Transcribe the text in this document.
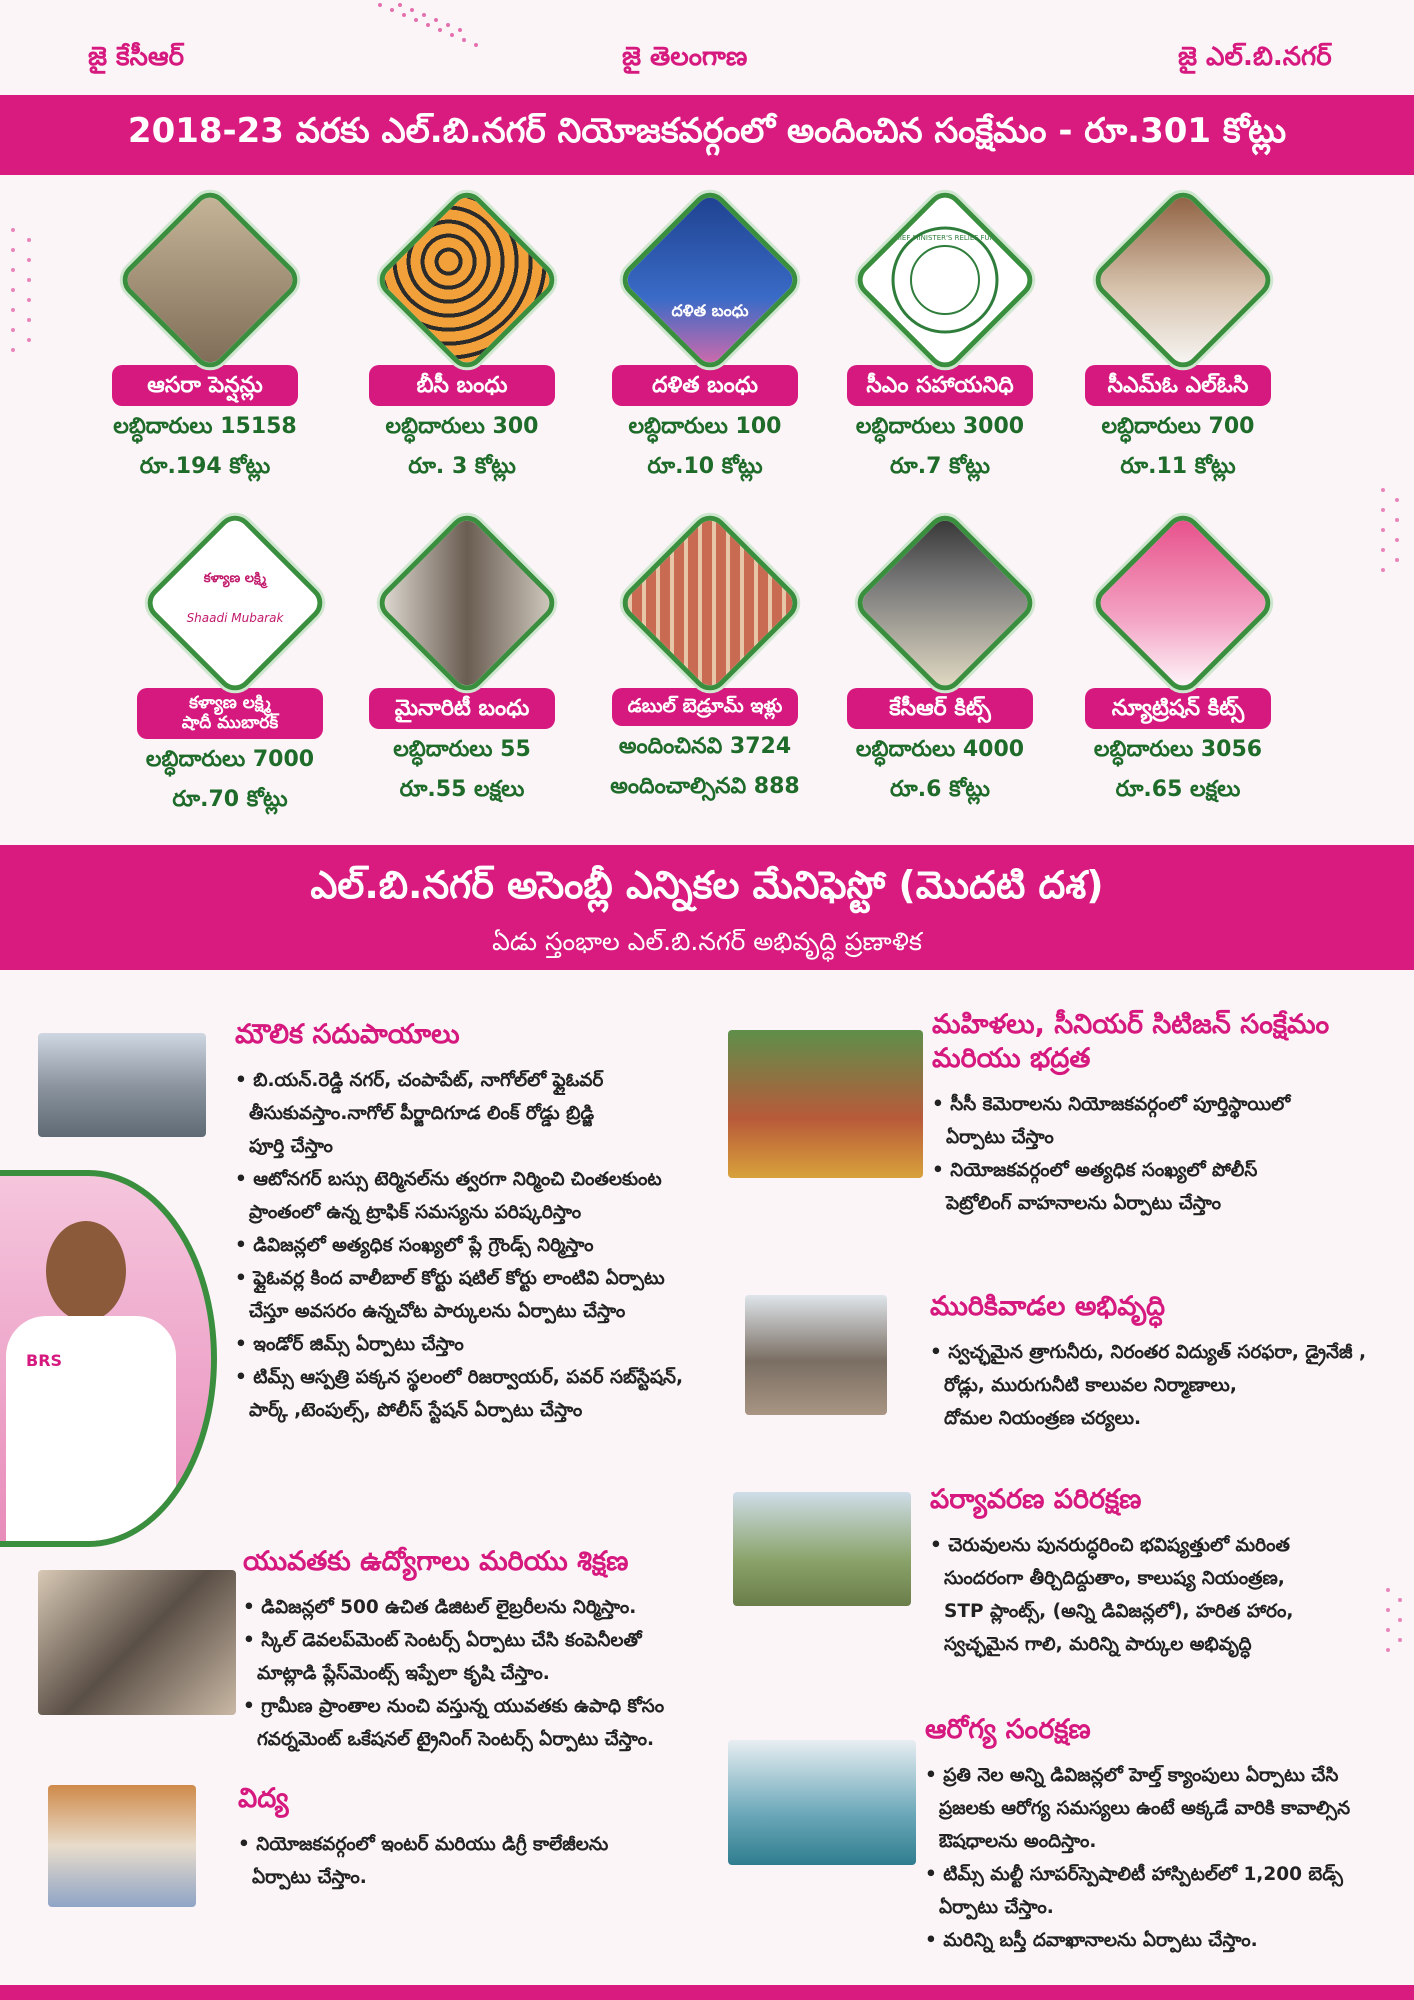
జై కేసీఆర్	జై తెలంగాణ	జై ఎల్.బి.నగర్
2018-23 వరకు ఎల్.బి.నగర్ నియోజకవర్గంలో అందించిన సంక్షేమం - రూ.301 కోట్లు
ఆసరా పెన్షన్లు
లబ్ధిదారులు 15158
రూ.194 కోట్లు
బీసీ బంధు
లబ్ధిదారులు 300
రూ. 3 కోట్లు
దళిత బంధు
దళిత బంధు
లబ్ధిదారులు 100
రూ.10 కోట్లు
CHIEF MINISTER'S RELIEF FUND
సీఎం సహాయనిధి
లబ్ధిదారులు 3000
రూ.7 కోట్లు
సీఎమ్ఓ ఎల్ఓసి
లబ్ధిదారులు 700
రూ.11 కోట్లు
కళ్యాణ లక్ష్మి
Shaadi Mubarak
కళ్యాణ లక్ష్మి
షాదీ ముబారక్
లబ్ధిదారులు 7000
రూ.70 కోట్లు
మైనారిటీ బంధు
లబ్ధిదారులు 55
రూ.55 లక్షలు
డబుల్ బెడ్రూమ్ ఇళ్లు
అందించినవి 3724
అందించాల్సినవి 888
కేసీఆర్ కిట్స్
లబ్ధిదారులు 4000
రూ.6 కోట్లు
న్యూట్రిషన్ కిట్స్
లబ్ధిదారులు 3056
రూ.65 లక్షలు
ఎల్.బి.నగర్ అసెంబ్లీ ఎన్నికల మేనిఫెస్టో (మొదటి దశ)
ఏడు స్తంభాల ఎల్.బి.నగర్ అభివృద్ధి ప్రణాళిక
BRS
మౌలిక సదుపాయాలు
• బి.యన్.రెడ్డి నగర్, చంపాపేట్, నాగోల్‌లో ఫ్లైఓవర్
తీసుకువస్తాం.నాగోల్ పీర్జాదిగూడ లింక్ రోడ్డు బ్రిడ్జి
పూర్తి చేస్తాం
• ఆటోనగర్ బస్సు టెర్మినల్‌ను త్వరగా నిర్మించి చింతలకుంట
ప్రాంతంలో ఉన్న ట్రాఫిక్ సమస్యను పరిష్కరిస్తాం
• డివిజన్లలో అత్యధిక సంఖ్యలో ప్లే గ్రౌండ్స్ నిర్మిస్తాం
• ఫ్లైఓవర్ల కింద వాలీబాల్ కోర్టు షటిల్ కోర్టు లాంటివి ఏర్పాటు
చేస్తూ అవసరం ఉన్నచోట పార్కులను ఏర్పాటు చేస్తాం
• ఇండోర్ జిమ్స్ ఏర్పాటు చేస్తాం
• టిమ్స్ ఆస్పత్రి పక్కన స్థలంలో రిజర్వాయర్, పవర్ సబ్‌స్టేషన్,
పార్క్ ,టెంపుల్స్, పోలీస్ స్టేషన్ ఏర్పాటు చేస్తాం
యువతకు ఉద్యోగాలు మరియు శిక్షణ
• డివిజన్లలో 500 ఉచిత డిజిటల్ లైబ్రరీలను నిర్మిస్తాం.
• స్కిల్ డెవలప్‌మెంట్ సెంటర్స్ ఏర్పాటు చేసి కంపెనీలతో
మాట్లాడి ప్లేస్‌మెంట్స్ ఇప్పేలా కృషి చేస్తాం.
• గ్రామీణ ప్రాంతాల నుంచి వస్తున్న యువతకు ఉపాధి కోసం
గవర్నమెంట్ ఒకేషనల్ ట్రైనింగ్ సెంటర్స్ ఏర్పాటు చేస్తాం.
విద్య
• నియోజకవర్గంలో ఇంటర్ మరియు డిగ్రీ కాలేజీలను
ఏర్పాటు చేస్తాం.
మహిళలు, సీనియర్ సిటిజన్ సంక్షేమం
మరియు భద్రత
• సీసీ కెమెరాలను నియోజకవర్గంలో పూర్తిస్థాయిలో
ఏర్పాటు చేస్తాం
• నియోజకవర్గంలో అత్యధిక సంఖ్యలో పోలీస్
పెట్రోలింగ్ వాహనాలను ఏర్పాటు చేస్తాం
మురికివాడల అభివృద్ధి
• స్వచ్ఛమైన త్రాగునీరు, నిరంతర విద్యుత్ సరఫరా, డ్రైనేజీ ,
రోడ్లు, మురుగునీటి కాలువల నిర్మాణాలు,
దోమల నియంత్రణ చర్యలు.
పర్యావరణ పరిరక్షణ
• చెరువులను పునరుద్ధరించి భవిష్యత్తులో మరింత
సుందరంగా తీర్చిదిద్దుతాం, కాలుష్య నియంత్రణ,
STP ప్లాంట్స్, (అన్ని డివిజన్లలో), హరిత హారం,
స్వచ్ఛమైన గాలి, మరిన్ని పార్కుల అభివృద్ధి
ఆరోగ్య సంరక్షణ
• ప్రతి నెల అన్ని డివిజన్లలో హెల్త్ క్యాంపులు ఏర్పాటు చేసి
ప్రజలకు ఆరోగ్య సమస్యలు ఉంటే అక్కడే వారికి కావాల్సిన
ఔషధాలను అందిస్తాం.
• టిమ్స్ మల్టీ సూపర్‌స్పెషాలిటీ హాస్పిటల్‌లో 1,200 బెడ్స్
ఏర్పాటు చేస్తాం.
• మరిన్ని బస్తీ దవాఖానాలను ఏర్పాటు చేస్తాం.
